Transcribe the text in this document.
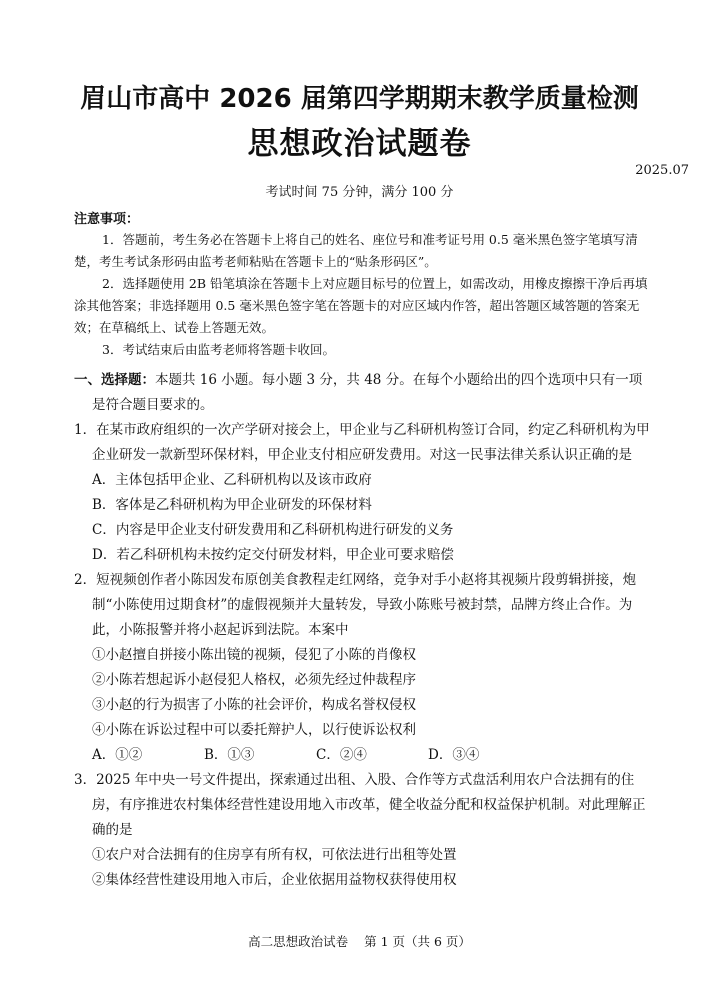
眉山市高中 2026 届第四学期期末教学质量检测
思想政治试题卷
2025.07
考试时间 75 分钟，满分 100 分
注意事项：

1．答题前，考生务必在答题卡上将自己的姓名、座位号和准考证号用 0.5 毫米黑色签字笔填写清楚，考生考试条形码由监考老师粘贴在答题卡上的“贴条形码区”。

2．选择题使用 2B 铅笔填涂在答题卡上对应题目标号的位置上，如需改动，用橡皮擦擦干净后再填涂其他答案；非选择题用 0.5 毫米黑色签字笔在答题卡的对应区域内作答，超出答题区域答题的答案无效；在草稿纸上、试卷上答题无效。

3．考试结束后由监考老师将答题卡收回。

一、选择题：本题共 16 小题。每小题 3 分，共 48 分。在每个小题给出的四个选项中只有一项是符合题目要求的。

1．在某市政府组织的一次产学研对接会上，甲企业与乙科研机构签订合同，约定乙科研机构为甲企业研发一款新型环保材料，甲企业支付相应研发费用。对这一民事法律关系认识正确的是

A．主体包括甲企业、乙科研机构以及该市政府

B．客体是乙科研机构为甲企业研发的环保材料

C．内容是甲企业支付研发费用和乙科研机构进行研发的义务

D．若乙科研机构未按约定交付研发材料，甲企业可要求赔偿

2．短视频创作者小陈因发布原创美食教程走红网络，竞争对手小赵将其视频片段剪辑拼接，炮制“小陈使用过期食材”的虚假视频并大量转发，导致小陈账号被封禁，品牌方终止合作。为此，小陈报警并将小赵起诉到法院。本案中

①小赵擅自拼接小陈出镜的视频，侵犯了小陈的肖像权

②小陈若想起诉小赵侵犯人格权，必须先经过仲裁程序

③小赵的行为损害了小陈的社会评价，构成名誉权侵权

④小陈在诉讼过程中可以委托辩护人，以行使诉讼权利

A．①②	B．①③	C．②④	D．③④

3．2025 年中央一号文件提出，探索通过出租、入股、合作等方式盘活利用农户合法拥有的住房，有序推进农村集体经营性建设用地入市改革，健全收益分配和权益保护机制。对此理解正确的是

①农户对合法拥有的住房享有所有权，可依法进行出租等处置

②集体经营性建设用地入市后，企业依据用益物权获得使用权

高二思想政治试卷 第 1 页（共 6 页）
